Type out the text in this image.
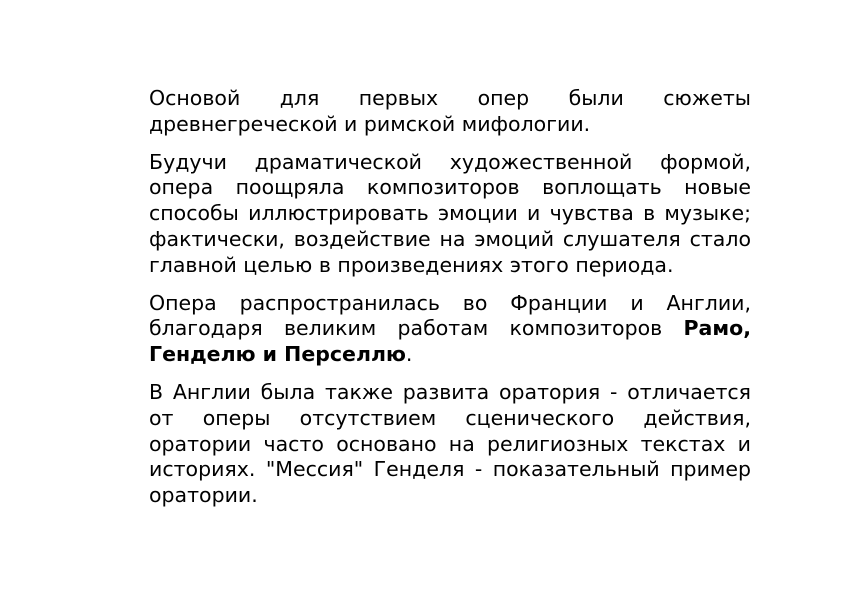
Основой для первых опер были сюжеты древнегреческой и римской мифологии.

Будучи драматической художественной формой, опера поощряла композиторов воплощать новые способы иллюстрировать эмоции и чувства в музыке; фактически, воздействие на эмоций слушателя стало главной целью в произведениях этого периода.

Опера распространилась во Франции и Англии, благодаря великим работам композиторов Рамо, Генделю и Перселлю.

В Англии была также развита оратория - отличается от оперы отсутствием сценического действия, оратории часто основано на религиозных текстах и историях. "Мессия" Генделя - показательный пример оратории.
